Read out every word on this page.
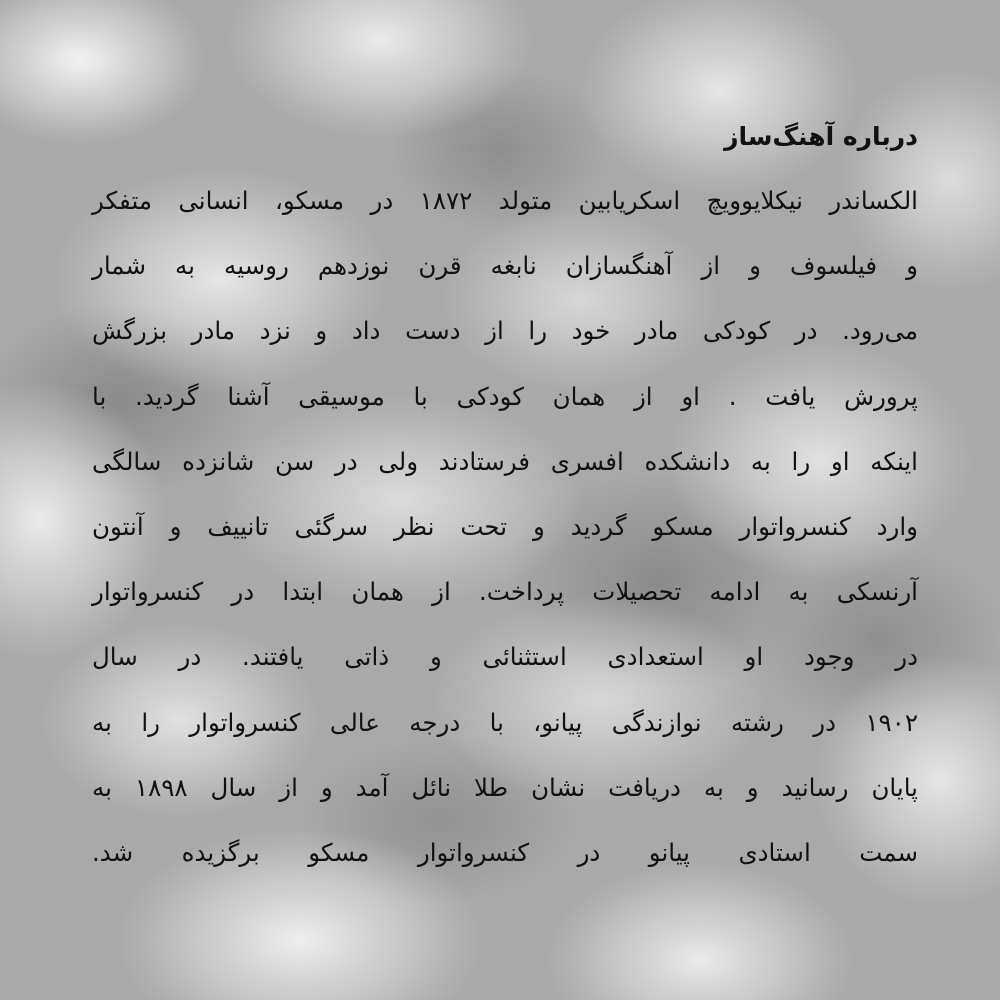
درباره آهنگ‌ساز
الکساندر نیکلایوویچ اسکریابین متولد ۱۸۷۲ در مسکو، انسانی متفکر
و فیلسوف و از آهنگسازان نابغه قرن نوزدهم روسیه به شمار
می‌رود. در کودکی مادر خود را از دست داد و نزد مادر بزرگش
پرورش یافت . او از همان کودکی با موسیقی آشنا گردید. با
اینکه او را به دانشکده افسری فرستادند ولی در سن شانزده سالگی
وارد کنسرواتوار مسکو گردید و تحت نظر سرگئی تانییف و آنتون
آرنسکی به ادامه تحصیلات پرداخت. از همان ابتدا در کنسرواتوار
در وجود او استعدادی استثنائی و ذاتی یافتند. در سال
۱۹۰۲ در رشته نوازندگی پیانو، با درجه عالی کنسرواتوار را به
پایان رسانید و به دریافت نشان طلا نائل آمد و از سال ۱۸۹۸ به
سمت استادی پیانو در کنسرواتوار مسکو برگزیده شد.
